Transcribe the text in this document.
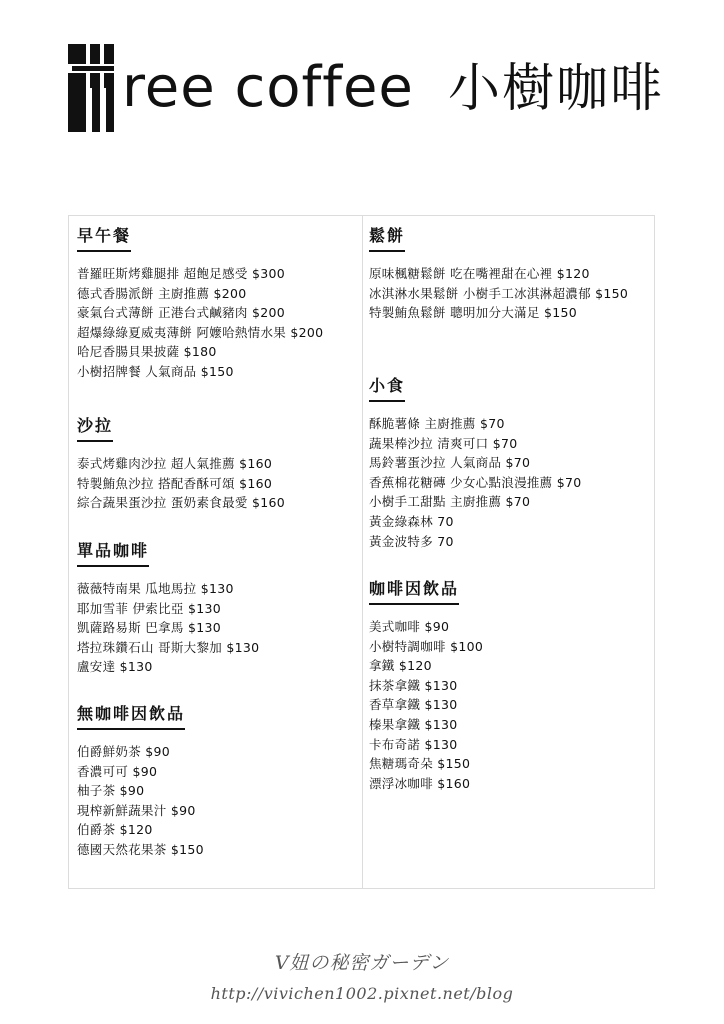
ree coffee 小樹咖啡
早午餐
普羅旺斯烤雞腿排 超飽足感受 $300
德式香腸派餅 主廚推薦 $200
豪氣台式薄餅 正港台式鹹豬肉 $200
超爆綠綠夏威夷薄餅 阿嬤哈熱情水果 $200
哈尼香腸貝果披薩 $180
小樹招牌餐 人氣商品 $150
沙拉
泰式烤雞肉沙拉 超人氣推薦 $160
特製鮪魚沙拉 搭配香酥可頌 $160
綜合蔬果蛋沙拉 蛋奶素食最愛 $160
單品咖啡
薇薇特南果 瓜地馬拉 $130
耶加雪菲 伊索比亞 $130
凱薩路易斯 巴拿馬 $130
塔拉珠鑽石山 哥斯大黎加 $130
盧安達 $130
無咖啡因飲品
伯爵鮮奶茶 $90
香濃可可 $90
柚子茶 $90
現榨新鮮蔬果汁 $90
伯爵茶 $120
德國天然花果茶 $150
鬆餅
原味楓糖鬆餅 吃在嘴裡甜在心裡 $120
冰淇淋水果鬆餅 小樹手工冰淇淋超濃郁 $150
特製鮪魚鬆餅 聰明加分大滿足 $150
小食
酥脆薯條 主廚推薦 $70
蔬果棒沙拉 清爽可口 $70
馬鈴薯蛋沙拉 人氣商品 $70
香蕉棉花糖磚 少女心點浪漫推薦 $70
小樹手工甜點 主廚推薦 $70
黃金綠森林 70
黃金波特多 70
咖啡因飲品
美式咖啡 $90
小樹特調咖啡 $100
拿鐵 $120
抹茶拿鐵 $130
香草拿鐵 $130
榛果拿鐵 $130
卡布奇諾 $130
焦糖瑪奇朵 $150
漂浮冰咖啡 $160
V妞の秘密ガーデン
http://vivichen1002.pixnet.net/blog
